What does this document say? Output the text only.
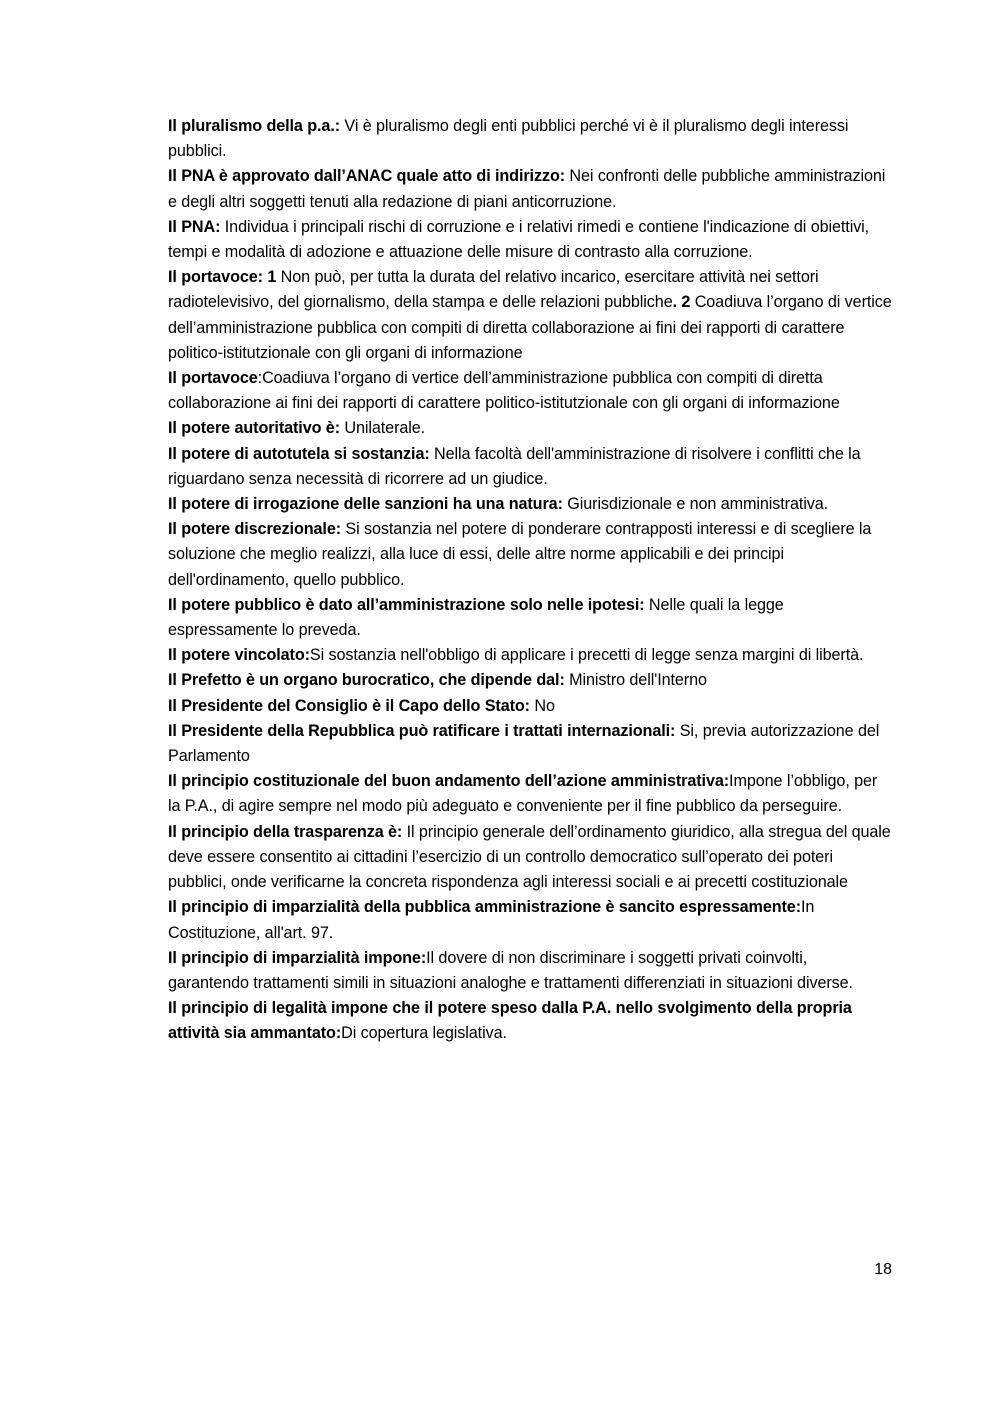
Il pluralismo della p.a.: Vi è pluralismo degli enti pubblici perché vi è il pluralismo degli interessi pubblici.

Il PNA è approvato dall’ANAC quale atto di indirizzo: Nei confronti delle pubbliche amministrazioni e degli altri soggetti tenuti alla redazione di piani anticorruzione.

Il PNA: Individua i principali rischi di corruzione e i relativi rimedi e contiene l'indicazione di obiettivi, tempi e modalità di adozione e attuazione delle misure di contrasto alla corruzione.

Il portavoce: 1 Non può, per tutta la durata del relativo incarico, esercitare attività nei settori radiotelevisivo, del giornalismo, della stampa e delle relazioni pubbliche. 2 Coadiuva l’organo di vertice dell’amministrazione pubblica con compiti di diretta collaborazione ai fini dei rapporti di carattere politico-istitutzionale con gli organi di informazione

Il portavoce:Coadiuva l’organo di vertice dell’amministrazione pubblica con compiti di diretta collaborazione ai fini dei rapporti di carattere politico-istitutzionale con gli organi di informazione

Il potere autoritativo è: Unilaterale.

Il potere di autotutela si sostanzia: Nella facoltà dell'amministrazione di risolvere i conflitti che la riguardano senza necessità di ricorrere ad un giudice.

Il potere di irrogazione delle sanzioni ha una natura: Giurisdizionale e non amministrativa.

Il potere discrezionale: Si sostanzia nel potere di ponderare contrapposti interessi e di scegliere la soluzione che meglio realizzi, alla luce di essi, delle altre norme applicabili e dei principi dell'ordinamento, quello pubblico.

Il potere pubblico è dato all’amministrazione solo nelle ipotesi: Nelle quali la legge espressamente lo preveda.

Il potere vincolato:Si sostanzia nell'obbligo di applicare i precetti di legge senza margini di libertà.

Il Prefetto è un organo burocratico, che dipende dal: Ministro dell'Interno

Il Presidente del Consiglio è il Capo dello Stato: No

Il Presidente della Repubblica può ratificare i trattati internazionali: Si, previa autorizzazione del Parlamento

Il principio costituzionale del buon andamento dell’azione amministrativa:Impone l’obbligo, per la P.A., di agire sempre nel modo più adeguato e conveniente per il fine pubblico da perseguire.

Il principio della trasparenza è: Il principio generale dell’ordinamento giuridico, alla stregua del quale deve essere consentito ai cittadini l’esercizio di un controllo democratico sull’operato dei poteri pubblici, onde verificarne la concreta rispondenza agli interessi sociali e ai precetti costituzionale

Il principio di imparzialità della pubblica amministrazione è sancito espressamente:In Costituzione, all'art. 97.

Il principio di imparzialità impone:Il dovere di non discriminare i soggetti privati coinvolti, garantendo trattamenti simili in situazioni analoghe e trattamenti differenziati in situazioni diverse.

Il principio di legalità impone che il potere speso dalla P.A. nello svolgimento della propria attività sia ammantato:Di copertura legislativa.

18
